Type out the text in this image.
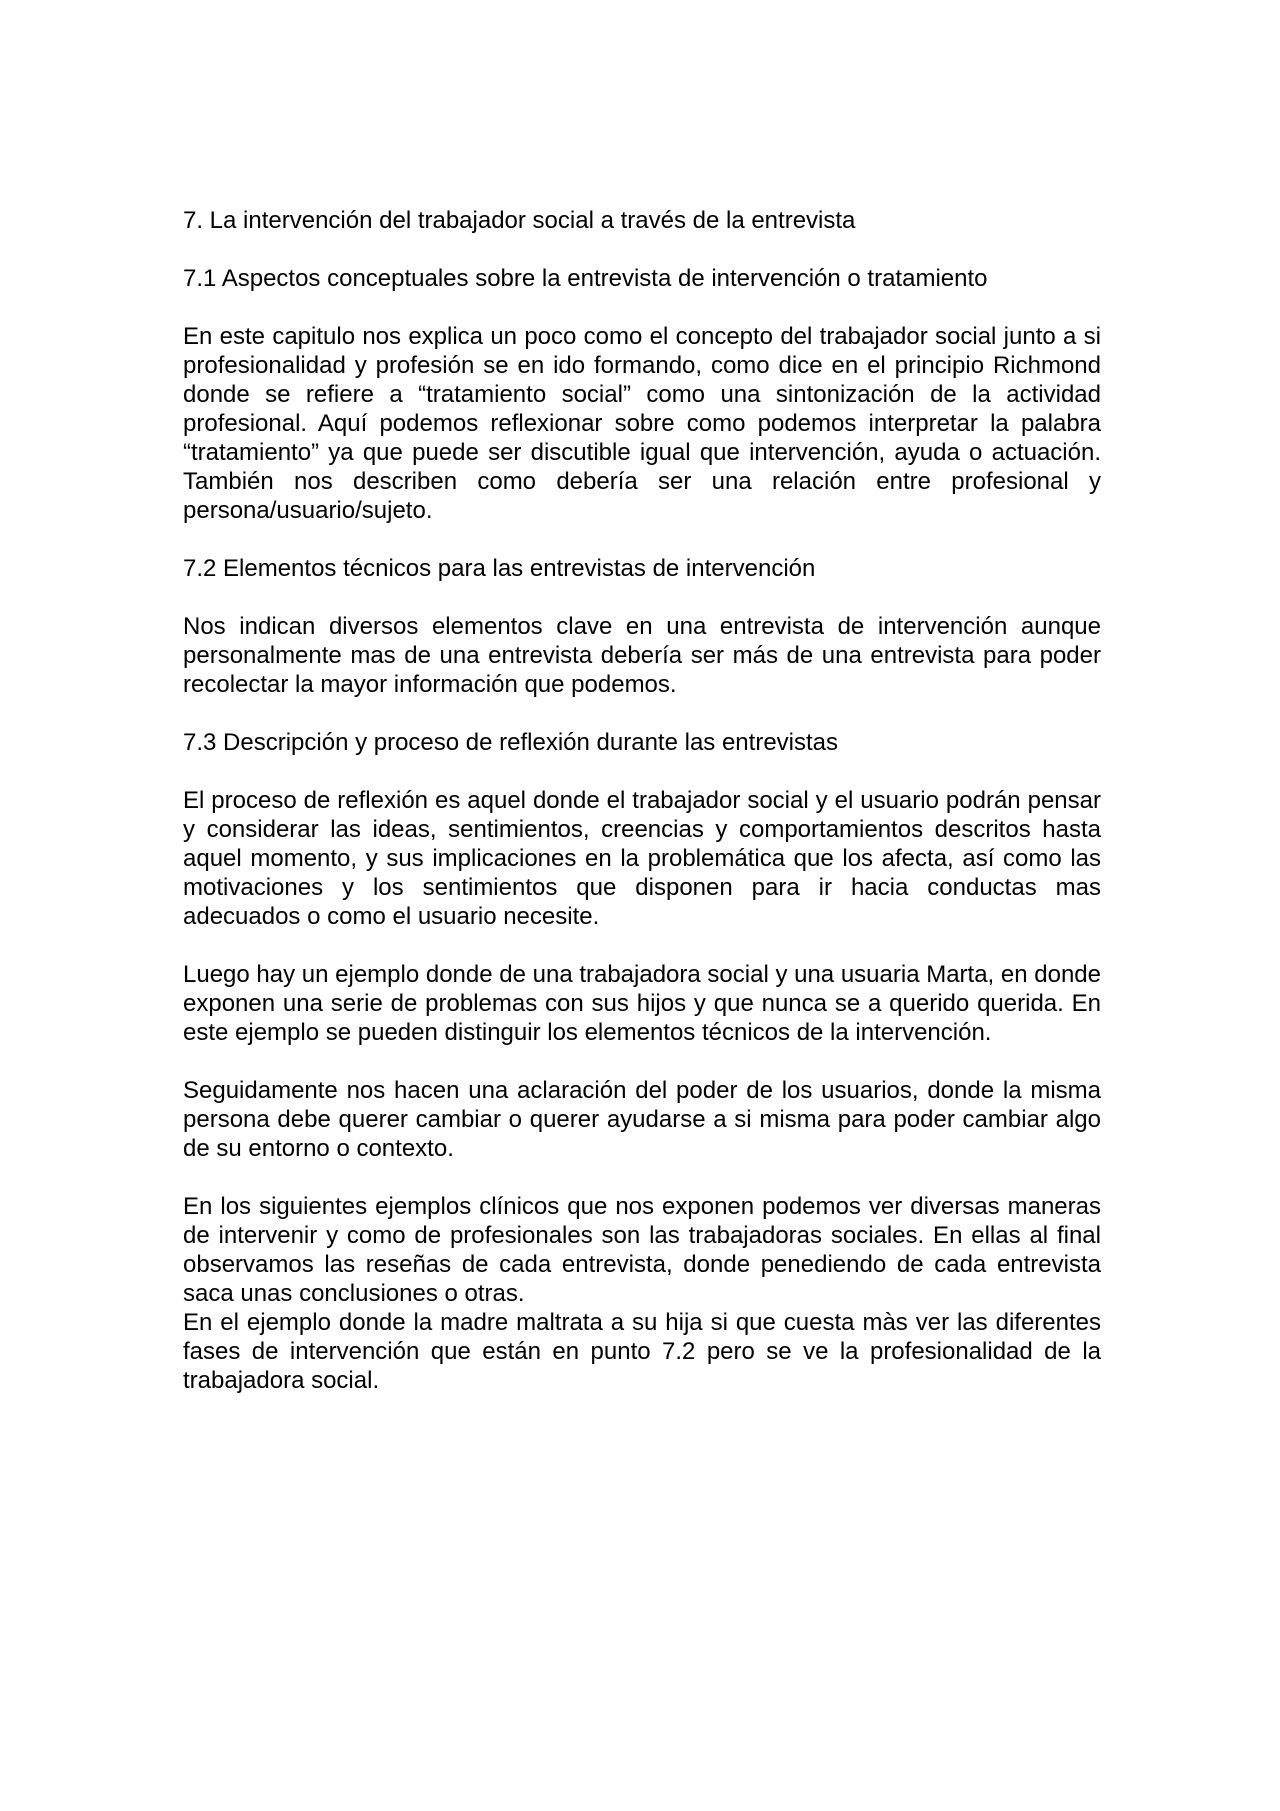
7. La intervención del trabajador social a través de la entrevista
7.1 Aspectos conceptuales sobre la entrevista de intervención o tratamiento
En este capitulo nos explica un poco como el concepto del trabajador social junto a si profesionalidad y profesión se en ido formando, como dice en el principio Richmond donde se refiere a “tratamiento social” como una sintonización de la actividad profesional. Aquí podemos reflexionar sobre como podemos interpretar la palabra “tratamiento” ya que puede ser discutible igual que intervención, ayuda o actuación. También nos describen como debería ser una relación entre profesional y persona/usuario/sujeto.
7.2 Elementos técnicos para las entrevistas de intervención
Nos indican diversos elementos clave en una entrevista de intervención aunque personalmente mas de una entrevista debería ser más de una entrevista para poder recolectar la mayor información que podemos.
7.3 Descripción y proceso de reflexión durante las entrevistas
El proceso de reflexión es aquel donde el trabajador social y el usuario podrán pensar y considerar las ideas, sentimientos, creencias y comportamientos descritos hasta aquel momento, y sus implicaciones en la problemática que los afecta, así como las motivaciones y los sentimientos que disponen para ir hacia conductas mas adecuados o como el usuario necesite.
Luego hay un ejemplo donde de una trabajadora social y una usuaria Marta, en donde exponen una serie de problemas con sus hijos y que nunca se a querido querida. En este ejemplo se pueden distinguir los elementos técnicos de la intervención.
Seguidamente nos hacen una aclaración del poder de los usuarios, donde la misma persona debe querer cambiar o querer ayudarse a si misma para poder cambiar algo de su entorno o contexto.
En los siguientes ejemplos clínicos que nos exponen podemos ver diversas maneras de intervenir y como de profesionales son las trabajadoras sociales. En ellas al final observamos las reseñas de cada entrevista, donde penediendo de cada entrevista saca unas conclusiones o otras.
En el ejemplo donde la madre maltrata a su hija si que cuesta màs ver las diferentes fases de intervención que están en punto 7.2 pero se ve la profesionalidad de la trabajadora social.
